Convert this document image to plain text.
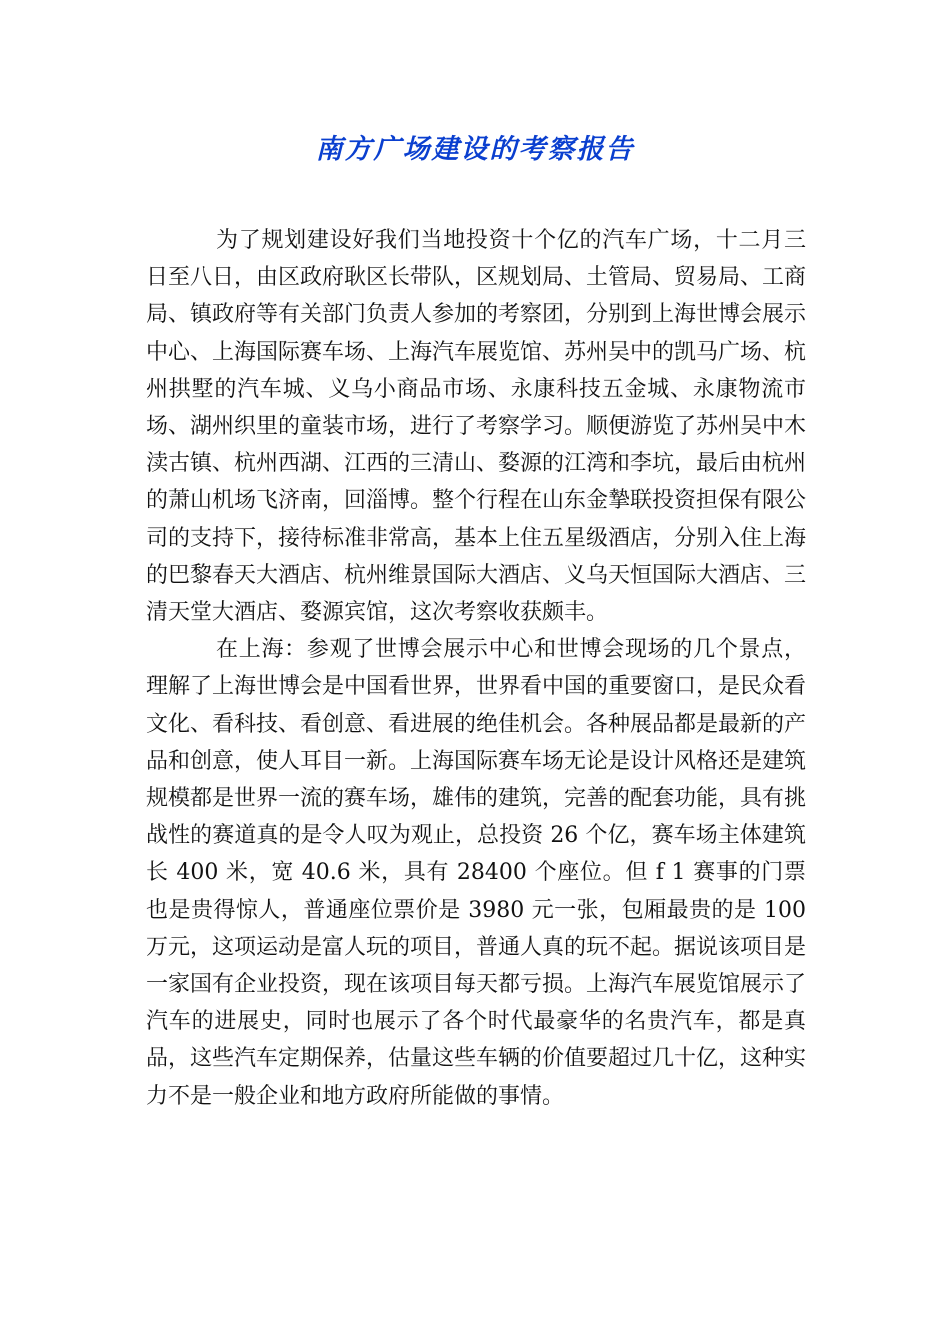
南方广场建设的考察报告

为了规划建设好我们当地投资十个亿的汽车广场，十二月三日至八日，由区政府耿区长带队，区规划局、土管局、贸易局、工商局、镇政府等有关部门负责人参加的考察团，分别到上海世博会展示中心、上海国际赛车场、上海汽车展览馆、苏州吴中的凯马广场、杭州拱墅的汽车城、义乌小商品市场、永康科技五金城、永康物流市场、湖州织里的童装市场，进行了考察学习。顺便游览了苏州吴中木渎古镇、杭州西湖、江西的三清山、婺源的江湾和李坑，最后由杭州的萧山机场飞济南，回淄博。整个行程在山东金摯联投资担保有限公司的支持下，接待标准非常高，基本上住五星级酒店，分别入住上海的巴黎春天大酒店、杭州维景国际大酒店、义乌天恒国际大酒店、三清天堂大酒店、婺源宾馆，这次考察收获颇丰。

在上海：参观了世博会展示中心和世博会现场的几个景点，理解了上海世博会是中国看世界，世界看中国的重要窗口，是民众看文化、看科技、看创意、看进展的绝佳机会。各种展品都是最新的产品和创意，使人耳目一新。上海国际赛车场无论是设计风格还是建筑规模都是世界一流的赛车场，雄伟的建筑，完善的配套功能，具有挑战性的赛道真的是令人叹为观止，总投资 26 个亿，赛车场主体建筑长 400 米，宽 40.6 米，具有 28400 个座位。但 f 1 赛事的门票也是贵得惊人，普通座位票价是 3980 元一张，包厢最贵的是 100 万元，这项运动是富人玩的项目，普通人真的玩不起。据说该项目是一家国有企业投资，现在该项目每天都亏损。上海汽车展览馆展示了汽车的进展史，同时也展示了各个时代最豪华的名贵汽车，都是真品，这些汽车定期保养，估量这些车辆的价值要超过几十亿，这种实力不是一般企业和地方政府所能做的事情。
